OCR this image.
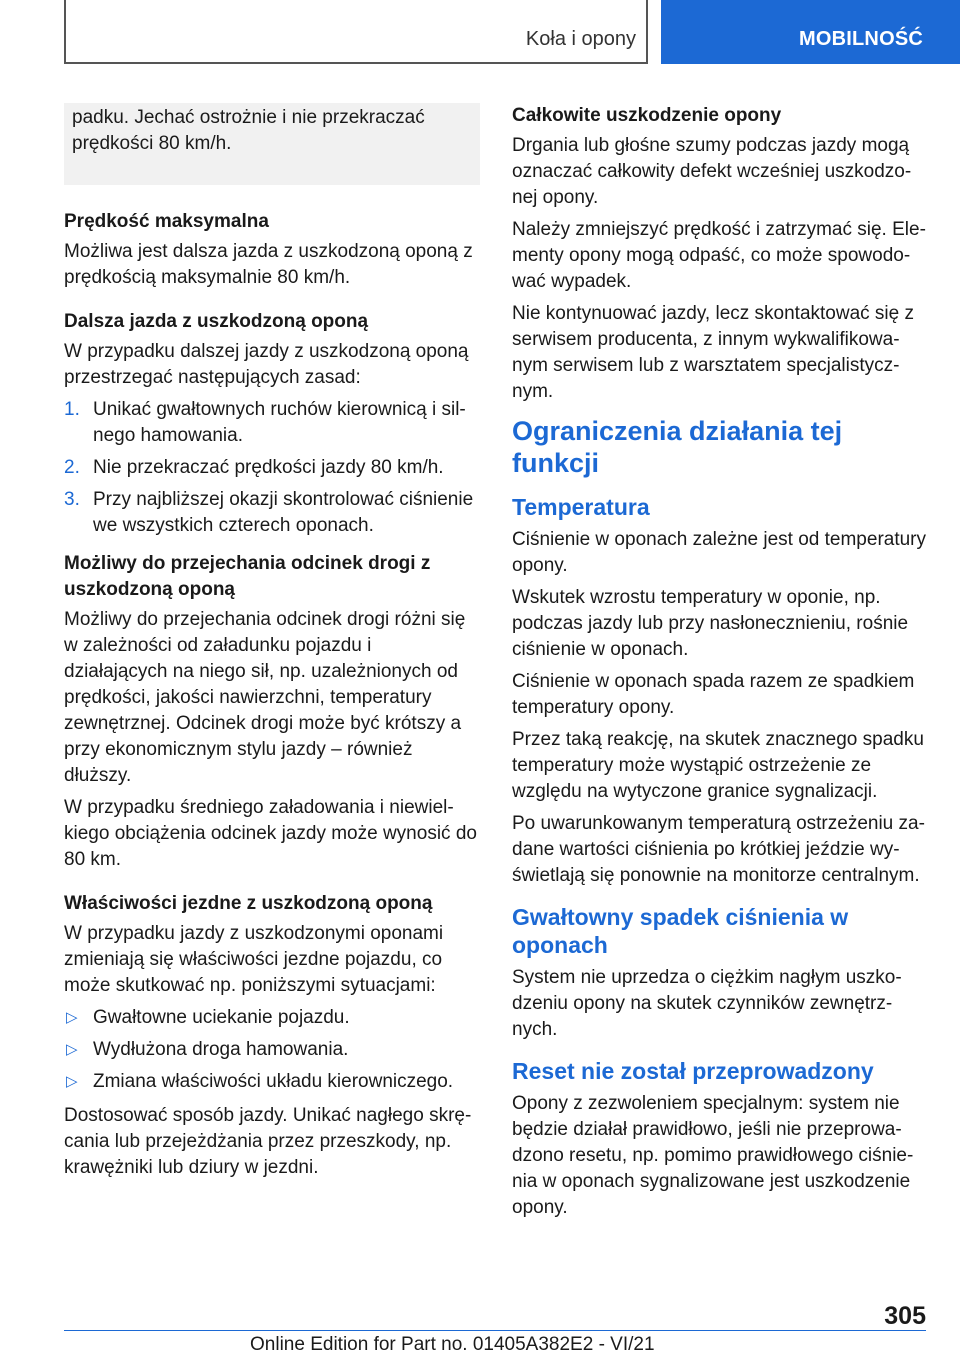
Koła i opony	MOBILNOŚĆ

padku. Jechać ostrożnie i nie przekraczać prędkości 80 km/h.

Prędkość maksymalna

Możliwa jest dalsza jazda z uszkodzoną oponą z prędkością maksymalnie 80 km/h.

Dalsza jazda z uszkodzoną oponą

W przypadku dalszej jazdy z uszkodzoną oponą przestrzegać następujących zasad:

1. Unikać gwałtownych ruchów kierownicą i silnego hamowania.
2. Nie przekraczać prędkości jazdy 80 km/h.
3. Przy najbliższej okazji skontrolować ciśnienie we wszystkich czterech oponach.
Możliwy do przejechania odcinek drogi z uszkodzoną oponą

Możliwy do przejechania odcinek drogi różni się w zależności od załadunku pojazdu i działających na niego sił, np. uzależnionych od prędkości, jakości nawierzchni, temperatury zewnętrznej. Odcinek drogi może być krótszy a przy ekonomicznym stylu jazdy – również dłuższy.

W przypadku średniego załadowania i niewielkiego obciążenia odcinek jazdy może wynosić do 80 km.

Właściwości jezdne z uszkodzoną oponą

W przypadku jazdy z uszkodzonymi oponami zmieniają się właściwości jezdne pojazdu, co może skutkować np. poniższymi sytuacjami:

▷ Gwałtowne uciekanie pojazdu.
▷ Wydłużona droga hamowania.
▷ Zmiana właściwości układu kierowniczego.

Dostosować sposób jazdy. Unikać nagłego skręcania lub przejeżdżania przez przeszkody, np. krawężniki lub dziury w jezdni.

Całkowite uszkodzenie opony

Drgania lub głośne szumy podczas jazdy mogą oznaczać całkowity defekt wcześniej uszkodzonej opony.

Należy zmniejszyć prędkość i zatrzymać się. Elementy opony mogą odpaść, co może spowodować wypadek.

Nie kontynuować jazdy, lecz skontaktować się z serwisem producenta, z innym wykwalifikowanym serwisem lub z warsztatem specjalistycznym.

Ograniczenia działania tej funkcji
Temperatura

Ciśnienie w oponach zależne jest od temperatury opony.

Wskutek wzrostu temperatury w oponie, np. podczas jazdy lub przy nasłonecznieniu, rośnie ciśnienie w oponach.

Ciśnienie w oponach spada razem ze spadkiem temperatury opony.

Przez taką reakcję, na skutek znacznego spadku temperatury może wystąpić ostrzeżenie ze względu na wytyczone granice sygnalizacji.

Po uwarunkowanym temperaturą ostrzeżeniu zadane wartości ciśnienia po krótkiej jeździe wyświetlają się ponownie na monitorze centralnym.

Gwałtowny spadek ciśnienia w oponach

System nie uprzedza o ciężkim nagłym uszkodzeniu opony na skutek czynników zewnętrznych.

Reset nie został przeprowadzony

Opony z zezwoleniem specjalnym: system nie będzie działał prawidłowo, jeśli nie przeprowadzono resetu, np. pomimo prawidłowego ciśnienia w oponach sygnalizowane jest uszkodzenie opony.

305
Online Edition for Part no. 01405A382E2 - VI/21
